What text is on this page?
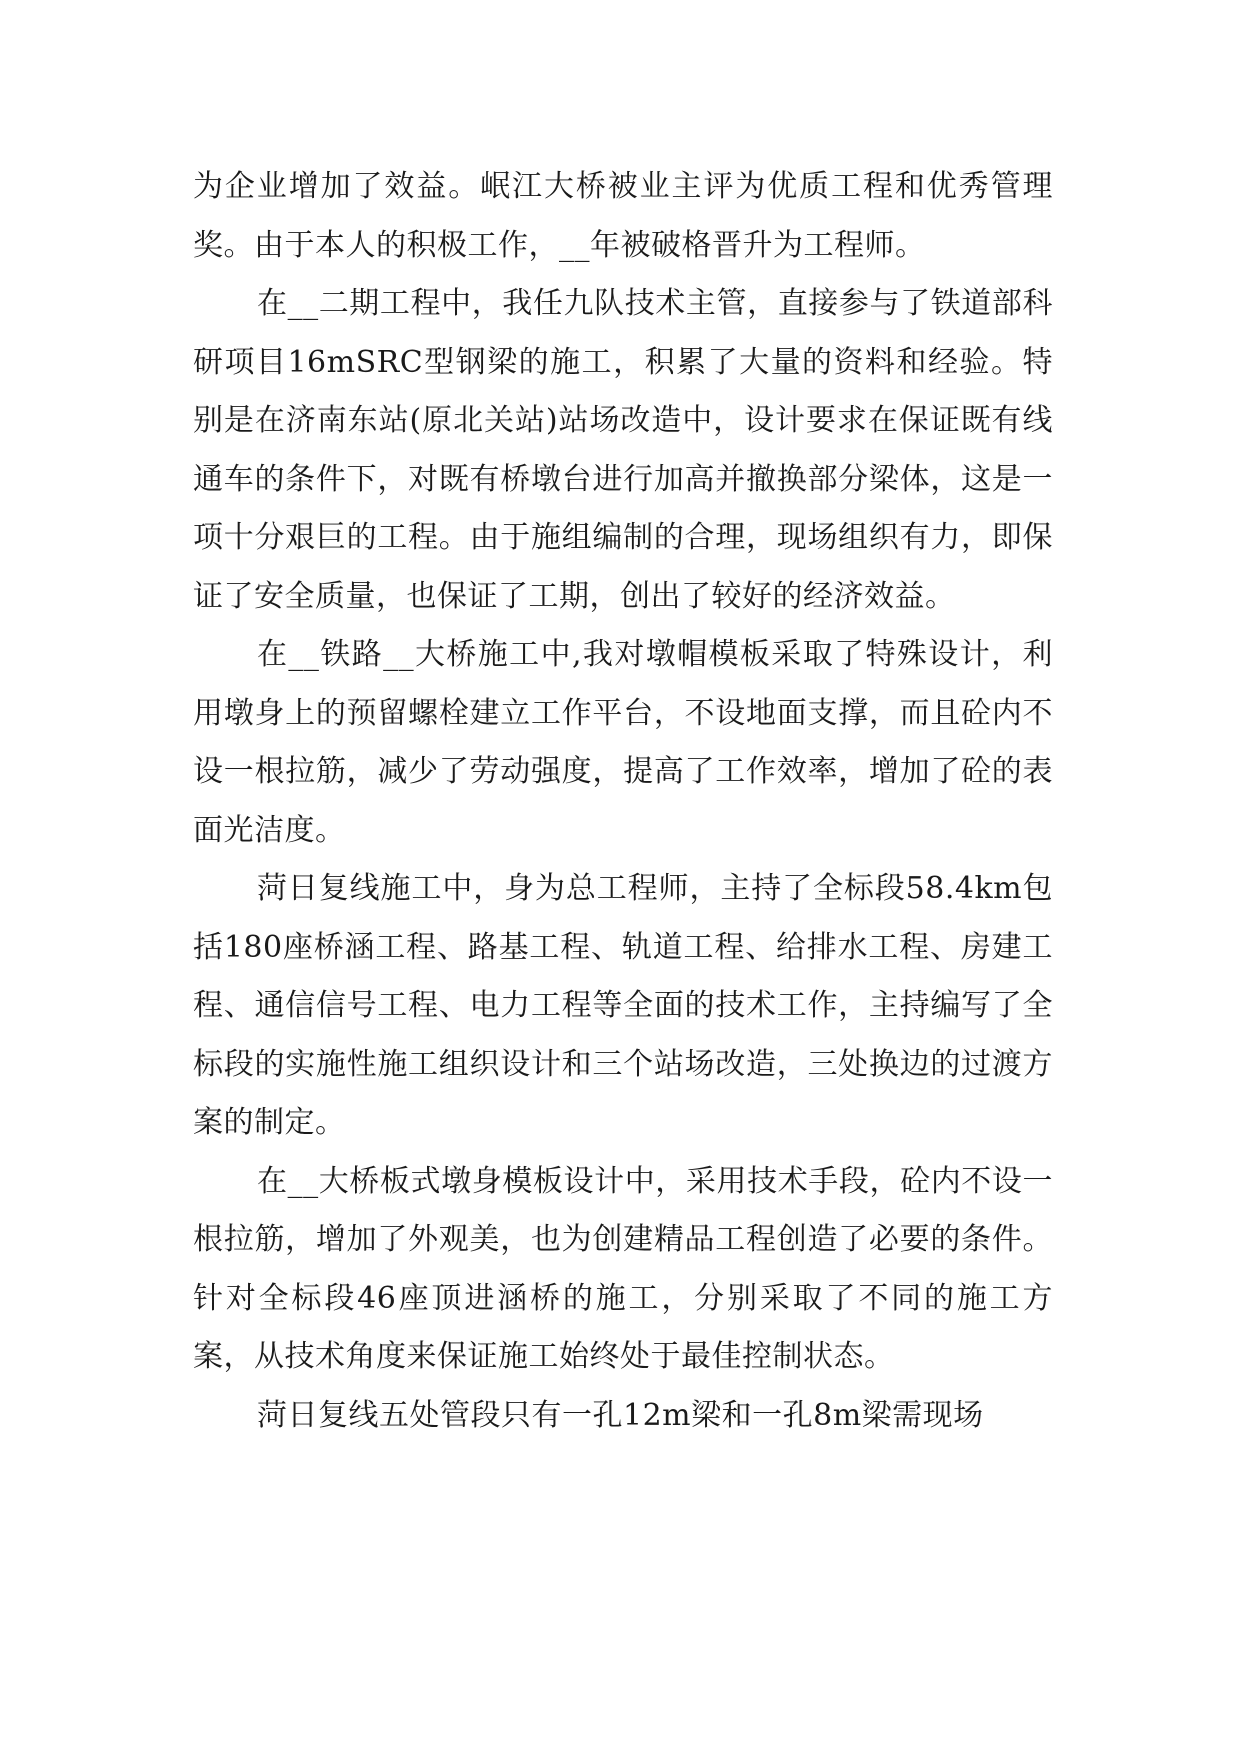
为企业增加了效益。岷江大桥被业主评为优质工程和优秀管理奖。由于本人的积极工作，__年被破格晋升为工程师。

在__二期工程中，我任九队技术主管，直接参与了铁道部科研项目16mSRC型钢梁的施工，积累了大量的资料和经验。特别是在济南东站(原北关站)站场改造中，设计要求在保证既有线通车的条件下，对既有桥墩台进行加高并撤换部分梁体，这是一项十分艰巨的工程。由于施组编制的合理，现场组织有力，即保证了安全质量，也保证了工期，创出了较好的经济效益。

在__铁路__大桥施工中,我对墩帽模板采取了特殊设计，利用墩身上的预留螺栓建立工作平台，不设地面支撑，而且砼内不设一根拉筋，减少了劳动强度，提高了工作效率，增加了砼的表面光洁度。

菏日复线施工中，身为总工程师，主持了全标段58.4km包括180座桥涵工程、路基工程、轨道工程、给排水工程、房建工程、通信信号工程、电力工程等全面的技术工作，主持编写了全标段的实施性施工组织设计和三个站场改造，三处换边的过渡方案的制定。

在__大桥板式墩身模板设计中，采用技术手段，砼内不设一根拉筋，增加了外观美，也为创建精品工程创造了必要的条件。针对全标段46座顶进涵桥的施工，分别采取了不同的施工方案，从技术角度来保证施工始终处于最佳控制状态。

菏日复线五处管段只有一孔12m梁和一孔8m梁需现场
